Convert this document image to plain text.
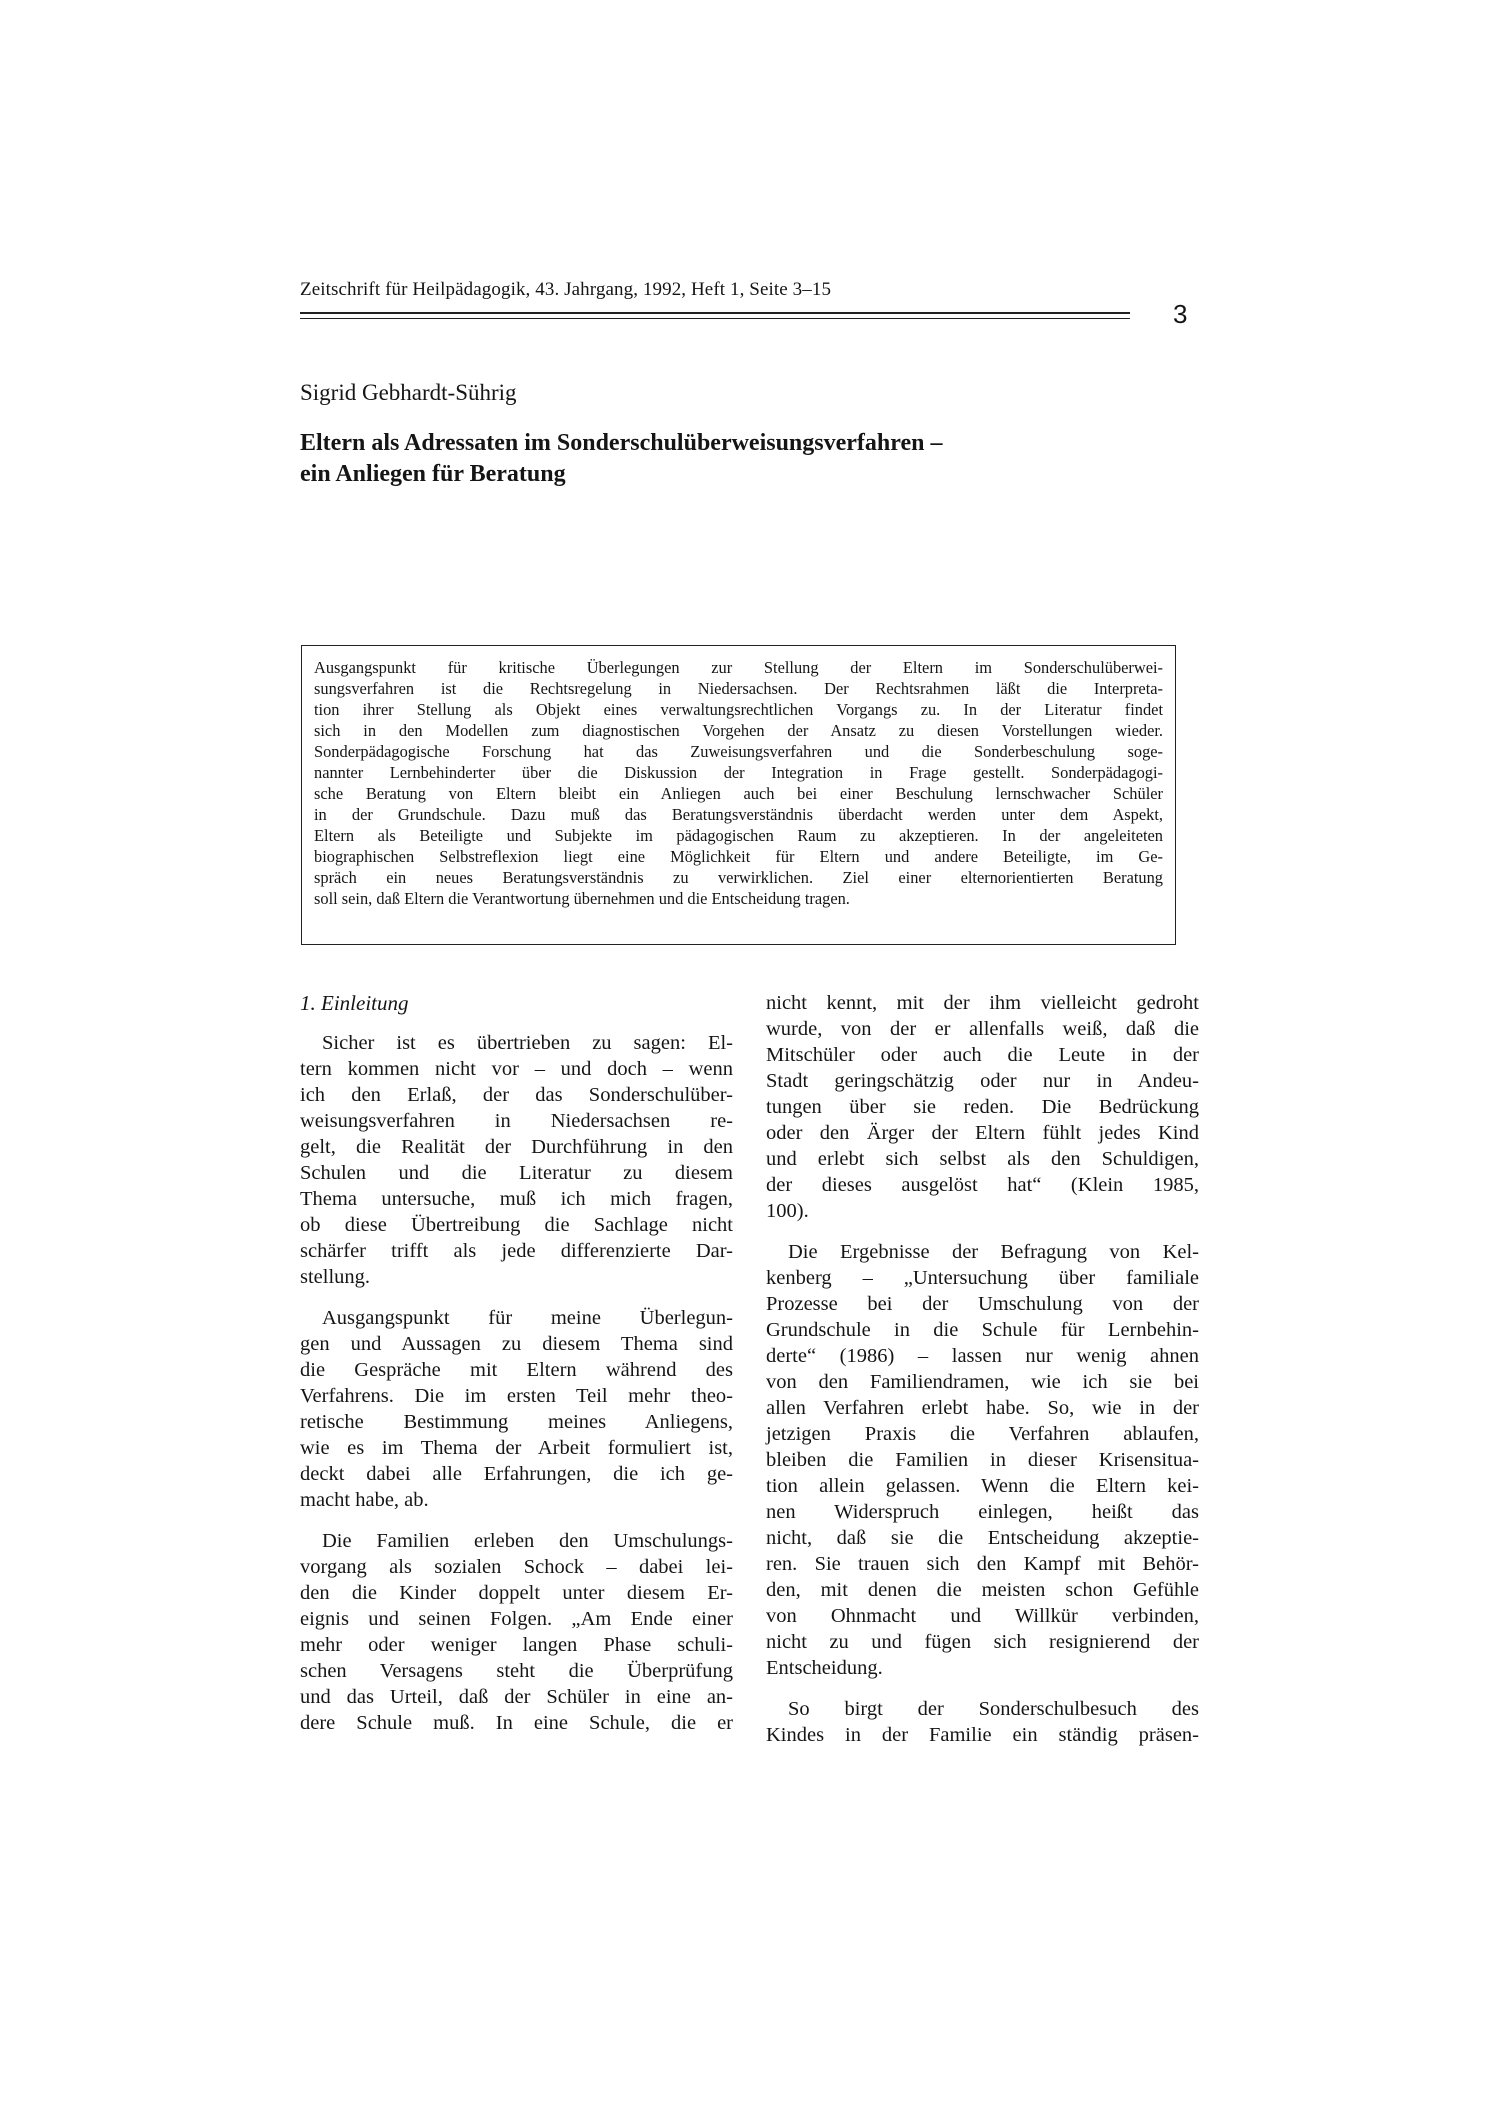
Zeitschrift für Heilpädagogik, 43. Jahrgang, 1992, Heft 1, Seite 3–15
3
Sigrid Gebhardt-Sührig
Eltern als Adressaten im Sonderschulüberweisungsverfahren –
ein Anliegen für Beratung
Ausgangspunkt für kritische Überlegungen zur Stellung der Eltern im Sonderschulüberwei-
sungsverfahren ist die Rechtsregelung in Niedersachsen. Der Rechtsrahmen läßt die Interpreta-
tion ihrer Stellung als Objekt eines verwaltungsrechtlichen Vorgangs zu. In der Literatur findet
sich in den Modellen zum diagnostischen Vorgehen der Ansatz zu diesen Vorstellungen wieder.
Sonderpädagogische Forschung hat das Zuweisungsverfahren und die Sonderbeschulung soge-
nannter Lernbehinderter über die Diskussion der Integration in Frage gestellt. Sonderpädagogi-
sche Beratung von Eltern bleibt ein Anliegen auch bei einer Beschulung lernschwacher Schüler
in der Grundschule. Dazu muß das Beratungsverständnis überdacht werden unter dem Aspekt,
Eltern als Beteiligte und Subjekte im pädagogischen Raum zu akzeptieren. In der angeleiteten
biographischen Selbstreflexion liegt eine Möglichkeit für Eltern und andere Beteiligte, im Ge-
spräch ein neues Beratungsverständnis zu verwirklichen. Ziel einer elternorientierten Beratung
soll sein, daß Eltern die Verantwortung übernehmen und die Entscheidung tragen.
1. Einleitung
Sicher ist es übertrieben zu sagen: El-
tern kommen nicht vor – und doch – wenn
ich den Erlaß, der das Sonderschulüber-
weisungsverfahren in Niedersachsen re-
gelt, die Realität der Durchführung in den
Schulen und die Literatur zu diesem
Thema untersuche, muß ich mich fragen,
ob diese Übertreibung die Sachlage nicht
schärfer trifft als jede differenzierte Dar-
stellung.
Ausgangspunkt für meine Überlegun-
gen und Aussagen zu diesem Thema sind
die Gespräche mit Eltern während des
Verfahrens. Die im ersten Teil mehr theo-
retische Bestimmung meines Anliegens,
wie es im Thema der Arbeit formuliert ist,
deckt dabei alle Erfahrungen, die ich ge-
macht habe, ab.
Die Familien erleben den Umschulungs-
vorgang als sozialen Schock – dabei lei-
den die Kinder doppelt unter diesem Er-
eignis und seinen Folgen. „Am Ende einer
mehr oder weniger langen Phase schuli-
schen Versagens steht die Überprüfung
und das Urteil, daß der Schüler in eine an-
dere Schule muß. In eine Schule, die er
nicht kennt, mit der ihm vielleicht gedroht
wurde, von der er allenfalls weiß, daß die
Mitschüler oder auch die Leute in der
Stadt geringschätzig oder nur in Andeu-
tungen über sie reden. Die Bedrückung
oder den Ärger der Eltern fühlt jedes Kind
und erlebt sich selbst als den Schuldigen,
der dieses ausgelöst hat“ (Klein 1985,
100).
Die Ergebnisse der Befragung von Kel-
kenberg – „Untersuchung über familiale
Prozesse bei der Umschulung von der
Grundschule in die Schule für Lernbehin-
derte“ (1986) – lassen nur wenig ahnen
von den Familiendramen, wie ich sie bei
allen Verfahren erlebt habe. So, wie in der
jetzigen Praxis die Verfahren ablaufen,
bleiben die Familien in dieser Krisensitua-
tion allein gelassen. Wenn die Eltern kei-
nen Widerspruch einlegen, heißt das
nicht, daß sie die Entscheidung akzeptie-
ren. Sie trauen sich den Kampf mit Behör-
den, mit denen die meisten schon Gefühle
von Ohnmacht und Willkür verbinden,
nicht zu und fügen sich resignierend der
Entscheidung.
So birgt der Sonderschulbesuch des
Kindes in der Familie ein ständig präsen-
